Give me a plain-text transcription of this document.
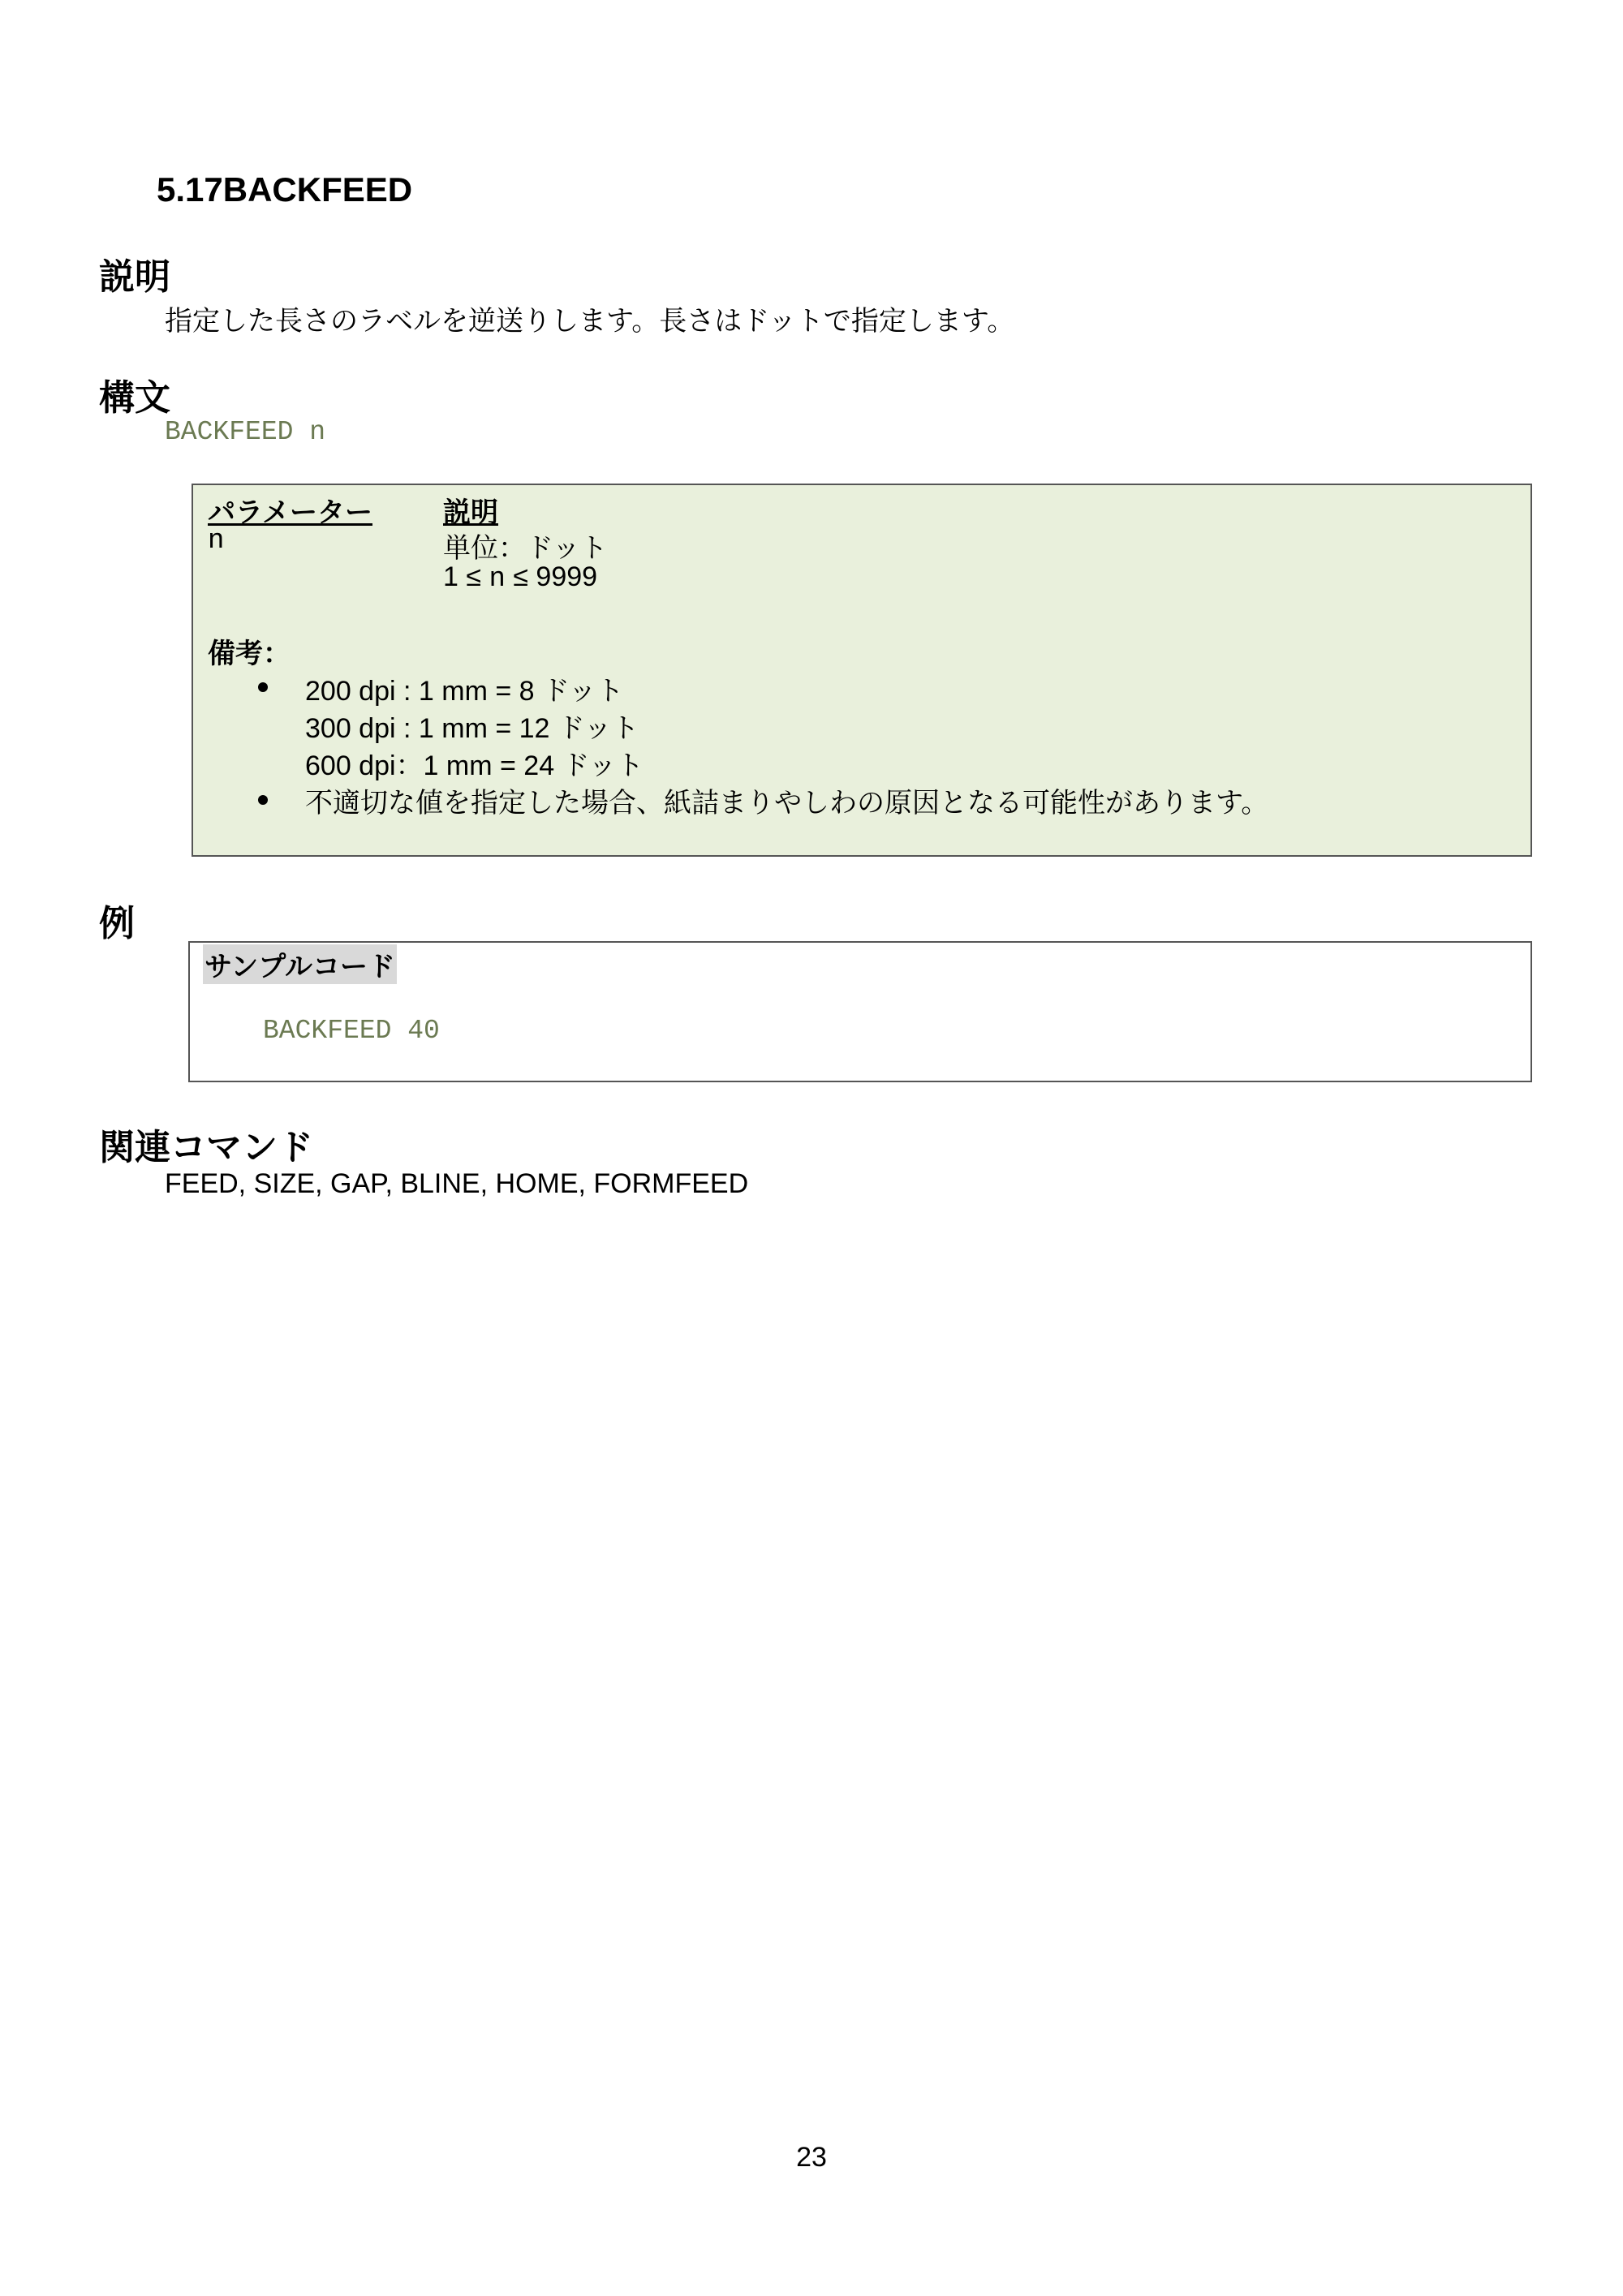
5.17BACKFEED
説明
指定した長さのラベルを逆送りします。長さはドットで指定します。
構文
BACKFEED n
パラメーター	説明
n	単位：ドット
1 ≤ n ≤ 9999
備考：
200 dpi : 1 mm = 8 ドット
300 dpi : 1 mm = 12 ドット
600 dpi：1 mm = 24 ドット
不適切な値を指定した場合、紙詰まりやしわの原因となる可能性があります。
例
サンプルコード
BACKFEED 40
関連コマンド
FEED, SIZE, GAP, BLINE, HOME, FORMFEED
23
